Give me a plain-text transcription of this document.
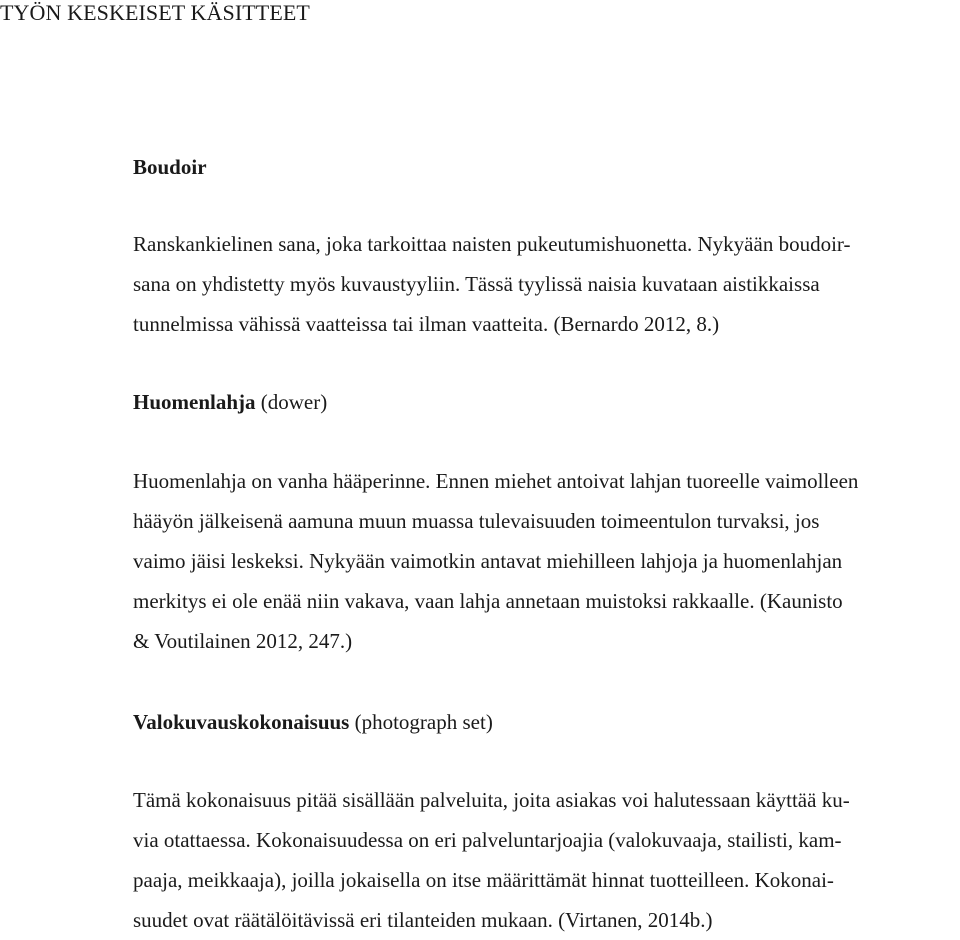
TYÖN KESKEISET KÄSITTEET
Boudoir
Ranskankielinen sana, joka tarkoittaa naisten pukeutumishuonetta. Nykyään boudoir-
sana on yhdistetty myös kuvaustyyliin. Tässä tyylissä naisia kuvataan aistikkaissa
tunnelmissa vähissä vaatteissa tai ilman vaatteita. (Bernardo 2012, 8.)
Huomenlahja (dower)
Huomenlahja on vanha hääperinne. Ennen miehet antoivat lahjan tuoreelle vaimolleen
hääyön jälkeisenä aamuna muun muassa tulevaisuuden toimeentulon turvaksi, jos
vaimo jäisi leskeksi. Nykyään vaimotkin antavat miehilleen lahjoja ja huomenlahjan
merkitys ei ole enää niin vakava, vaan lahja annetaan muistoksi rakkaalle. (Kaunisto
& Voutilainen 2012, 247.)
Valokuvauskokonaisuus (photograph set)
Tämä kokonaisuus pitää sisällään palveluita, joita asiakas voi halutessaan käyttää ku-
via otattaessa. Kokonaisuudessa on eri palveluntarjoajia (valokuvaaja, stailisti, kam-
paaja, meikkaaja), joilla jokaisella on itse määrittämät hinnat tuotteilleen. Kokonai-
suudet ovat räätälöitävissä eri tilanteiden mukaan. (Virtanen, 2014b.)
